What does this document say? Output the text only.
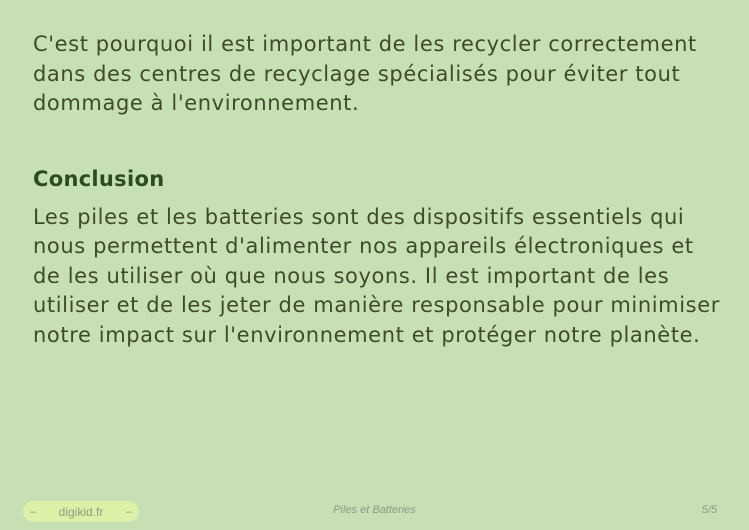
C'est pourquoi il est important de les recycler correctement dans des centres de recyclage spécialisés pour éviter tout dommage à l'environnement.

Conclusion

Les piles et les batteries sont des dispositifs essentiels qui nous permettent d'alimenter nos appareils électroniques et de les utiliser où que nous soyons. Il est important de les utiliser et de les jeter de manière responsable pour minimiser notre impact sur l'environnement et protéger notre planète.

– digikid.fr –	Piles et Batteries	5/5
